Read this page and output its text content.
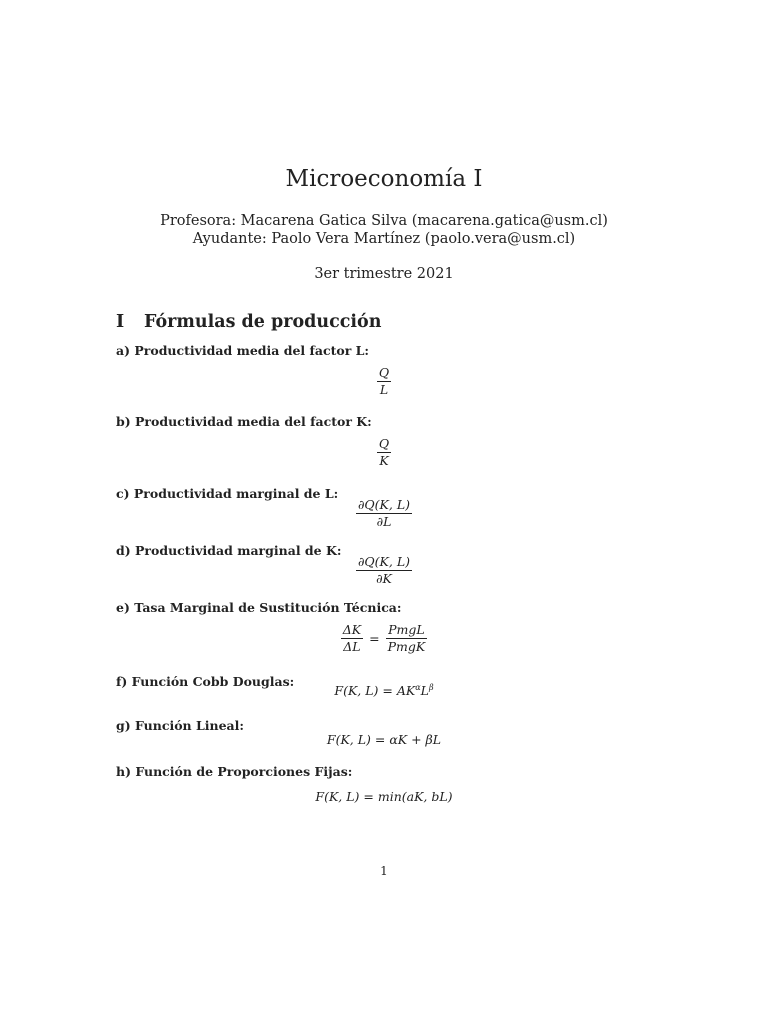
Microeconomía I
Profesora: Macarena Gatica Silva (macarena.gatica@usm.cl)
Ayudante: Paolo Vera Martínez (paolo.vera@usm.cl)
3er trimestre 2021
I Fórmulas de producción
a) Productividad media del factor L:
$\frac{Q}{L}$
b) Productividad media del factor K:
$\frac{Q}{K}$
c) Productividad marginal de L:
$\frac{\partial Q(K, L)}{\partial L}$
d) Productividad marginal de K:
$\frac{\partial Q(K, L)}{\partial K}$
e) Tasa Marginal de Sustitución Técnica:
$\frac{\Delta K}{\Delta L} = \frac{\text{PmgL}}{\text{PmgK}}$
f) Función Cobb Douglas:
F(K, $L) = AK^\alpha L^\beta$
g) Función Lineal:
F(K, L) = αK + βL
h) Función de Proporciones Fijas:
F(K, L) = min(aK, bL)
1
